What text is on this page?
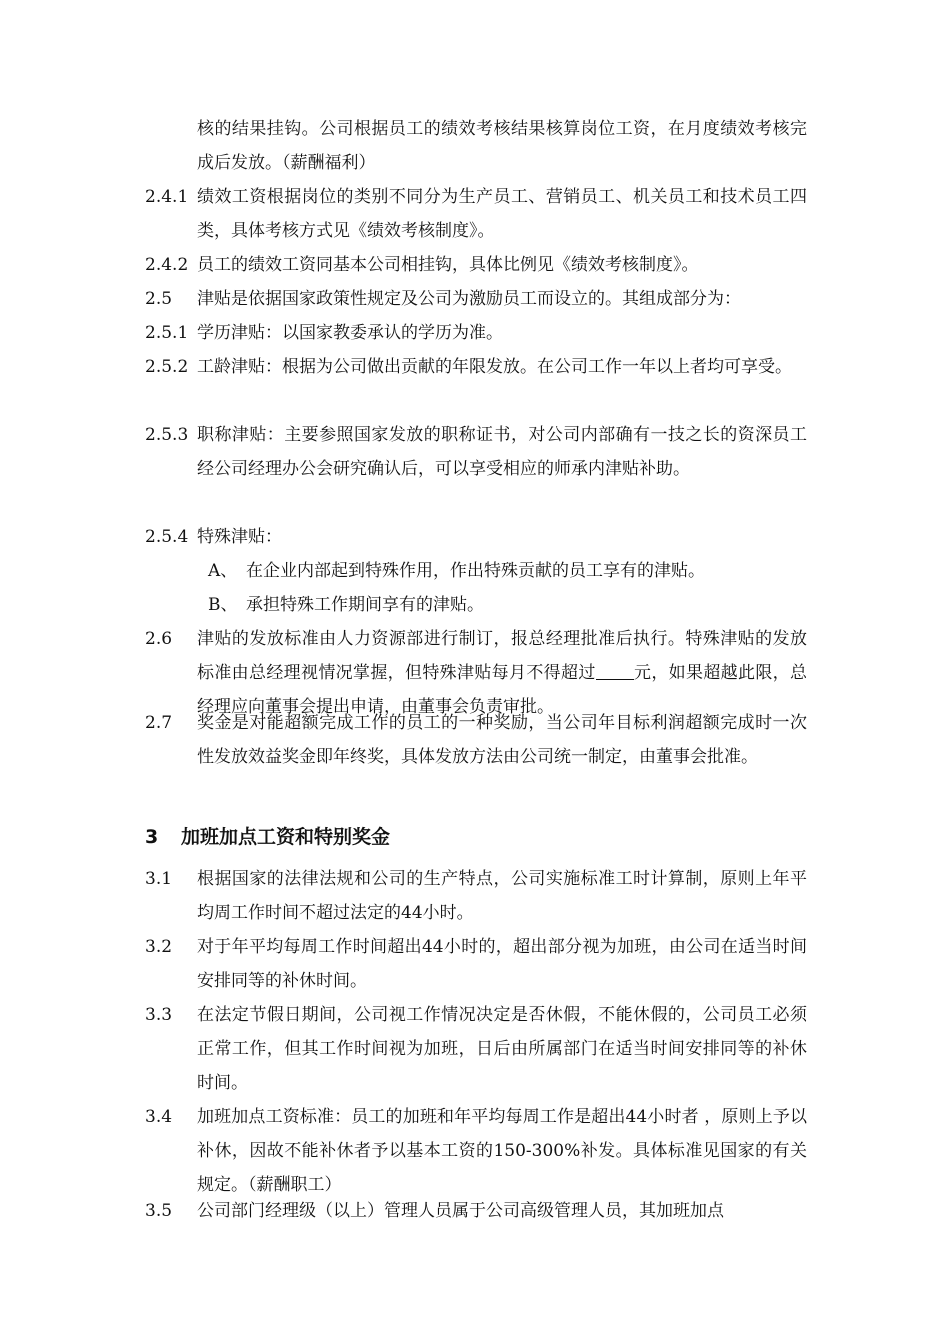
核的结果挂钩。公司根据员工的绩效考核结果核算岗位工资，在月度绩效考核完成后发放。（薪酬福利）
2.4.1 绩效工资根据岗位的类别不同分为生产员工、营销员工、机关员工和技术员工四类，具体考核方式见《绩效考核制度》。
2.4.2 员工的绩效工资同基本公司相挂钩，具体比例见《绩效考核制度》。
2.5 津贴是依据国家政策性规定及公司为激励员工而设立的。其组成部分为：
2.5.1 学历津贴：以国家教委承认的学历为准。
2.5.2 工龄津贴：根据为公司做出贡献的年限发放。在公司工作一年以上者均可享受。
2.5.3 职称津贴：主要参照国家发放的职称证书，对公司内部确有一技之长的资深员工经公司经理办公会研究确认后，可以享受相应的师承内津贴补助。
2.5.4 特殊津贴：
A、 在企业内部起到特殊作用，作出特殊贡献的员工享有的津贴。
B、 承担特殊工作期间享有的津贴。
2.6 津贴的发放标准由人力资源部进行制订，报总经理批准后执行。特殊津贴的发放标准由总经理视情况掌握，但特殊津贴每月不得超过 元，如果超越此限，总经理应向董事会提出申请，由董事会负责审批。
2.7 奖金是对能超额完成工作的员工的一种奖励，当公司年目标利润超额完成时一次性发放效益奖金即年终奖，具体发放方法由公司统一制定，由董事会批准。
3 加班加点工资和特别奖金
3.1 根据国家的法律法规和公司的生产特点，公司实施标准工时计算制，原则上年平均周工作时间不超过法定的44小时。
3.2 对于年平均每周工作时间超出44小时的，超出部分视为加班，由公司在适当时间安排同等的补休时间。
3.3 在法定节假日期间，公司视工作情况决定是否休假，不能休假的，公司员工必须正常工作，但其工作时间视为加班，日后由所属部门在适当时间安排同等的补休时间。
3.4 加班加点工资标准：员工的加班和年平均每周工作是超出44小时者 ，原则上予以补休，因故不能补休者予以基本工资的150-300%补发。具体标准见国家的有关规定。（薪酬职工）
3.5 公司部门经理级（以上）管理人员属于公司高级管理人员，其加班加点
